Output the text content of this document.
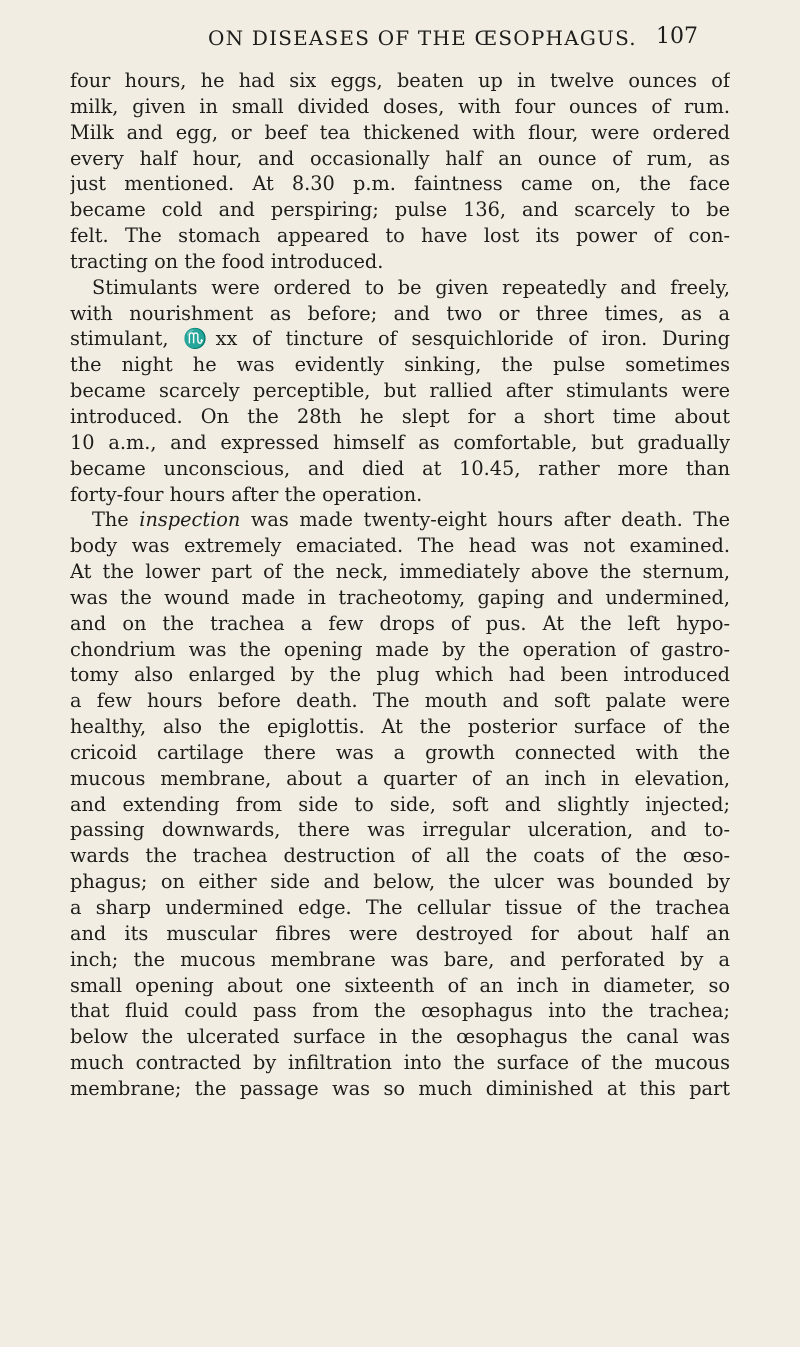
ON DISEASES OF THE ŒSOPHAGUS. 107
four hours, he had six eggs, beaten up in twelve ounces of
milk, given in small divided doses, with four ounces of rum.
Milk and egg, or beef tea thickened with flour, were ordered
every half hour, and occasionally half an ounce of rum, as
just mentioned. At 8.30 p.m. faintness came on, the face
became cold and perspiring; pulse 136, and scarcely to be
felt. The stomach appeared to have lost its power of con-
tracting on the food introduced.
Stimulants were ordered to be given repeatedly and freely,
with nourishment as before; and two or three times, as a
stimulant, ♏xx of tincture of sesquichloride of iron. During
the night he was evidently sinking, the pulse sometimes
became scarcely perceptible, but rallied after stimulants were
introduced. On the 28th he slept for a short time about
10 a.m., and expressed himself as comfortable, but gradually
became unconscious, and died at 10.45, rather more than
forty-four hours after the operation.
The inspection was made twenty-eight hours after death. The
body was extremely emaciated. The head was not examined.
At the lower part of the neck, immediately above the sternum,
was the wound made in tracheotomy, gaping and undermined,
and on the trachea a few drops of pus. At the left hypo-
chondrium was the opening made by the operation of gastro-
tomy also enlarged by the plug which had been introduced
a few hours before death. The mouth and soft palate were
healthy, also the epiglottis. At the posterior surface of the
cricoid cartilage there was a growth connected with the
mucous membrane, about a quarter of an inch in elevation,
and extending from side to side, soft and slightly injected;
passing downwards, there was irregular ulceration, and to-
wards the trachea destruction of all the coats of the œso-
phagus; on either side and below, the ulcer was bounded by
a sharp undermined edge. The cellular tissue of the trachea
and its muscular fibres were destroyed for about half an
inch; the mucous membrane was bare, and perforated by a
small opening about one sixteenth of an inch in diameter, so
that fluid could pass from the œsophagus into the trachea;
below the ulcerated surface in the œsophagus the canal was
much contracted by infiltration into the surface of the mucous
membrane; the passage was so much diminished at this part
